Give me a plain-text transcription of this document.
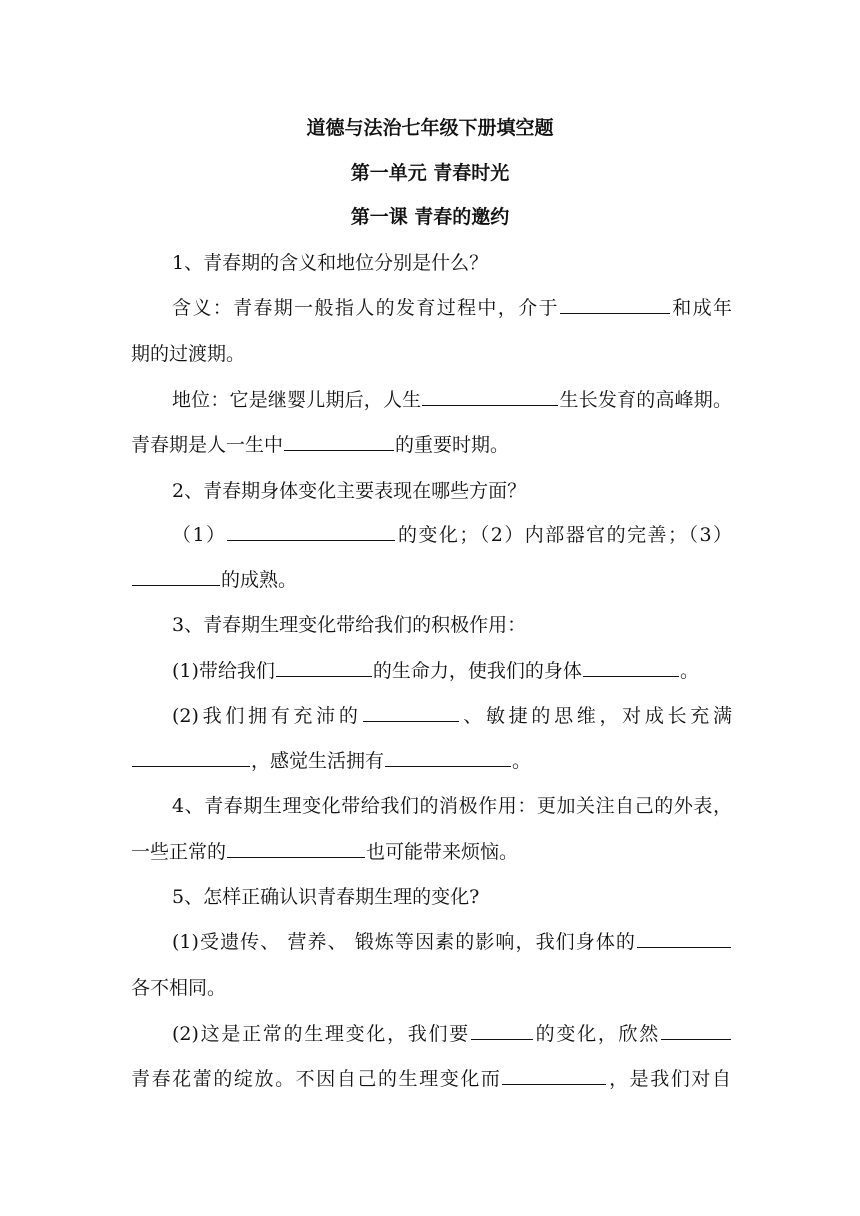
道德与法治七年级下册填空题
第一单元 青春时光
第一课 青春的邀约
1、青春期的含义和地位分别是什么？
含义：青春期一般指人的发育过程中，介于	和成年
期的过渡期。
地位：它是继婴儿期后，人生	生长发育的高峰期。
青春期是人一生中	的重要时期。
2、青春期身体变化主要表现在哪些方面？
（1）	的变化；（2）内部器官的完善；（3）
的成熟。
3、青春期生理变化带给我们的积极作用：
(1)带给我们	的生命力，使我们的身体	。
(2)我们拥有充沛的	、敏捷的思维，对成长充满
，感觉生活拥有	。
4、青春期生理变化带给我们的消极作用：更加关注自己的外表，
一些正常的	也可能带来烦恼。
5、怎样正确认识青春期生理的变化?
(1)受遗传、 营养、 锻炼等因素的影响，我们身体的
各不相同。
(2)这是正常的生理变化，我们要	的变化，欣然
青春花蕾的绽放。不因自己的生理变化而	，是我们对自
